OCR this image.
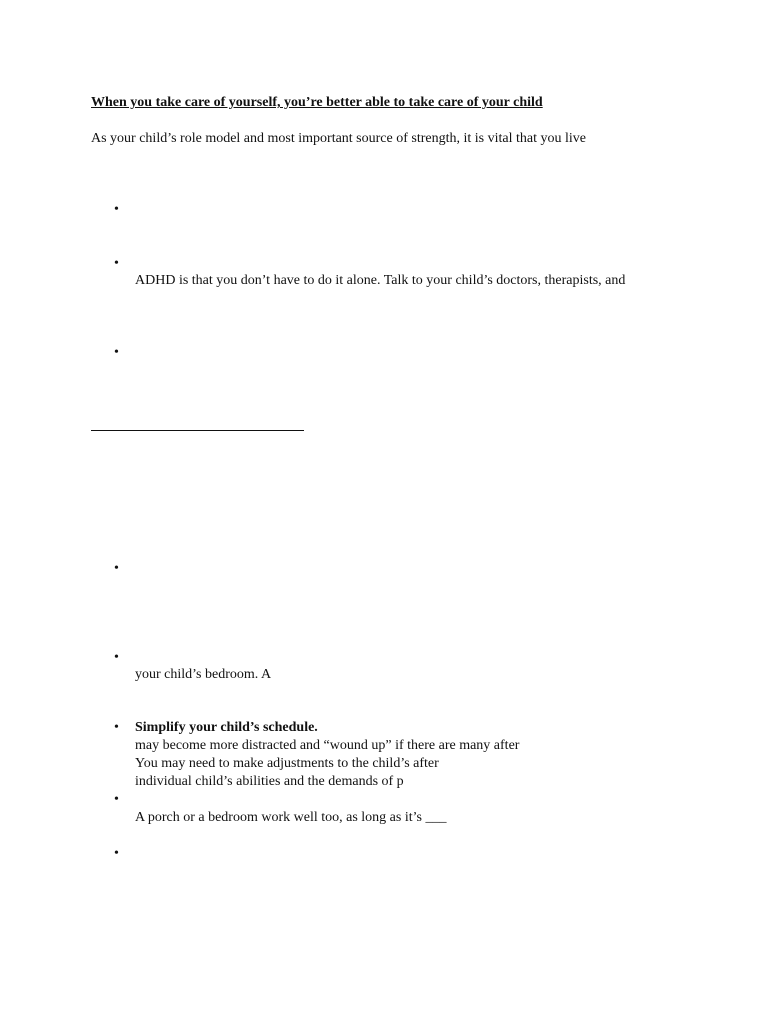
When you take care of yourself, you’re better able to take care of your child
As your child’s role model and most important source of strength, it is vital that you live
•
•
ADHD is that you don’t have to do it alone. Talk to your child’s doctors, therapists, and
•
•
•
your child’s bedroom. A
• Simplify your child’s schedule.
may become more distracted and “wound up” if there are many after
You may need to make adjustments to the child’s after
individual child’s abilities and the demands of p
•
A porch or a bedroom work well too, as long as it’s ___
•
